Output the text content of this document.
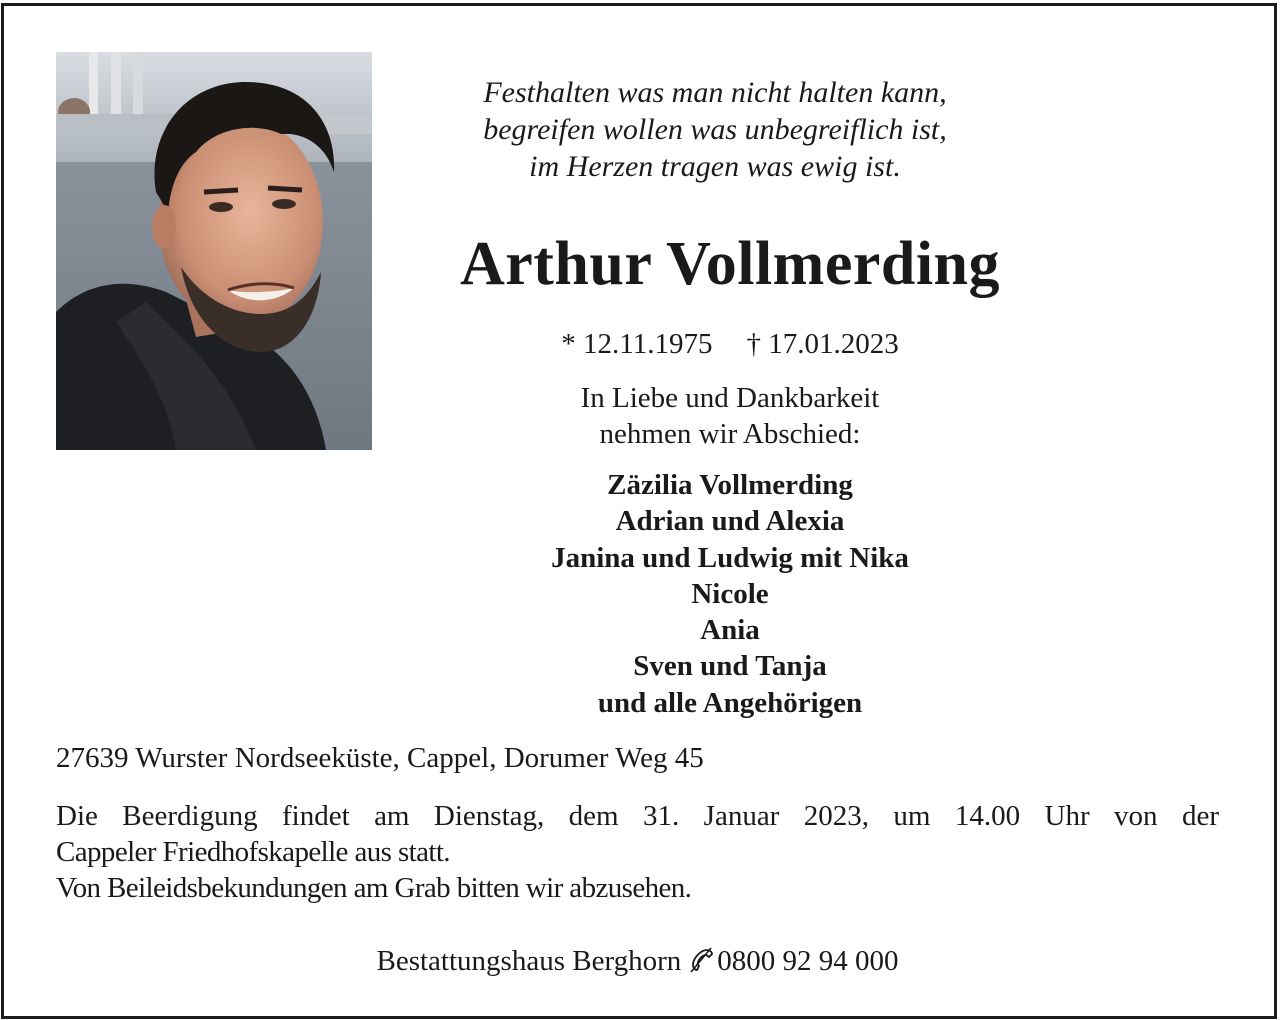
Festhalten was man nicht halten kann,
begreifen wollen was unbegreiflich ist,
im Herzen tragen was ewig ist.
Arthur Vollmerding
* 12.11.1975 † 17.01.2023
In Liebe und Dankbarkeit
nehmen wir Abschied:
Zäzilia Vollmerding
Adrian und Alexia
Janina und Ludwig mit Nika
Nicole
Ania
Sven und Tanja
und alle Angehörigen
27639 Wurster Nordseeküste, Cappel, Dorumer Weg 45
Die Beerdigung findet am Dienstag, dem 31. Januar 2023, um 14.00 Uhr von der
Cappeler Friedhofskapelle aus statt.
Von Beileidsbekundungen am Grab bitten wir abzusehen.
Bestattungshaus Berghorn 0800 92 94 000
